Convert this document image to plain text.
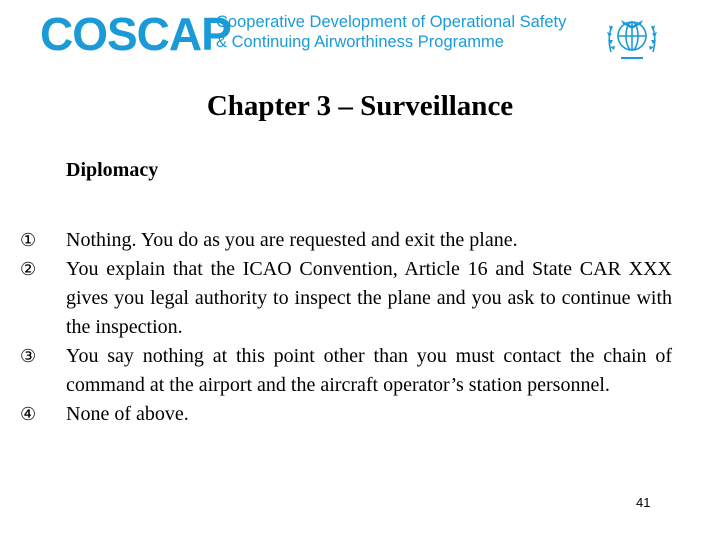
COSCAP
Cooperative Development of Operational Safety
& Continuing Airworthiness Programme
Chapter 3 – Surveillance
Diplomacy
①	Nothing. You do as you are requested and exit the plane.
②	You explain that the ICAO Convention, Article 16 and State CAR XXX gives you legal authority to inspect the plane and you ask to continue with the inspection.
③	You say nothing at this point other than you must contact the chain of command at the airport and the aircraft operator’s station personnel.
④	None of above.
41
